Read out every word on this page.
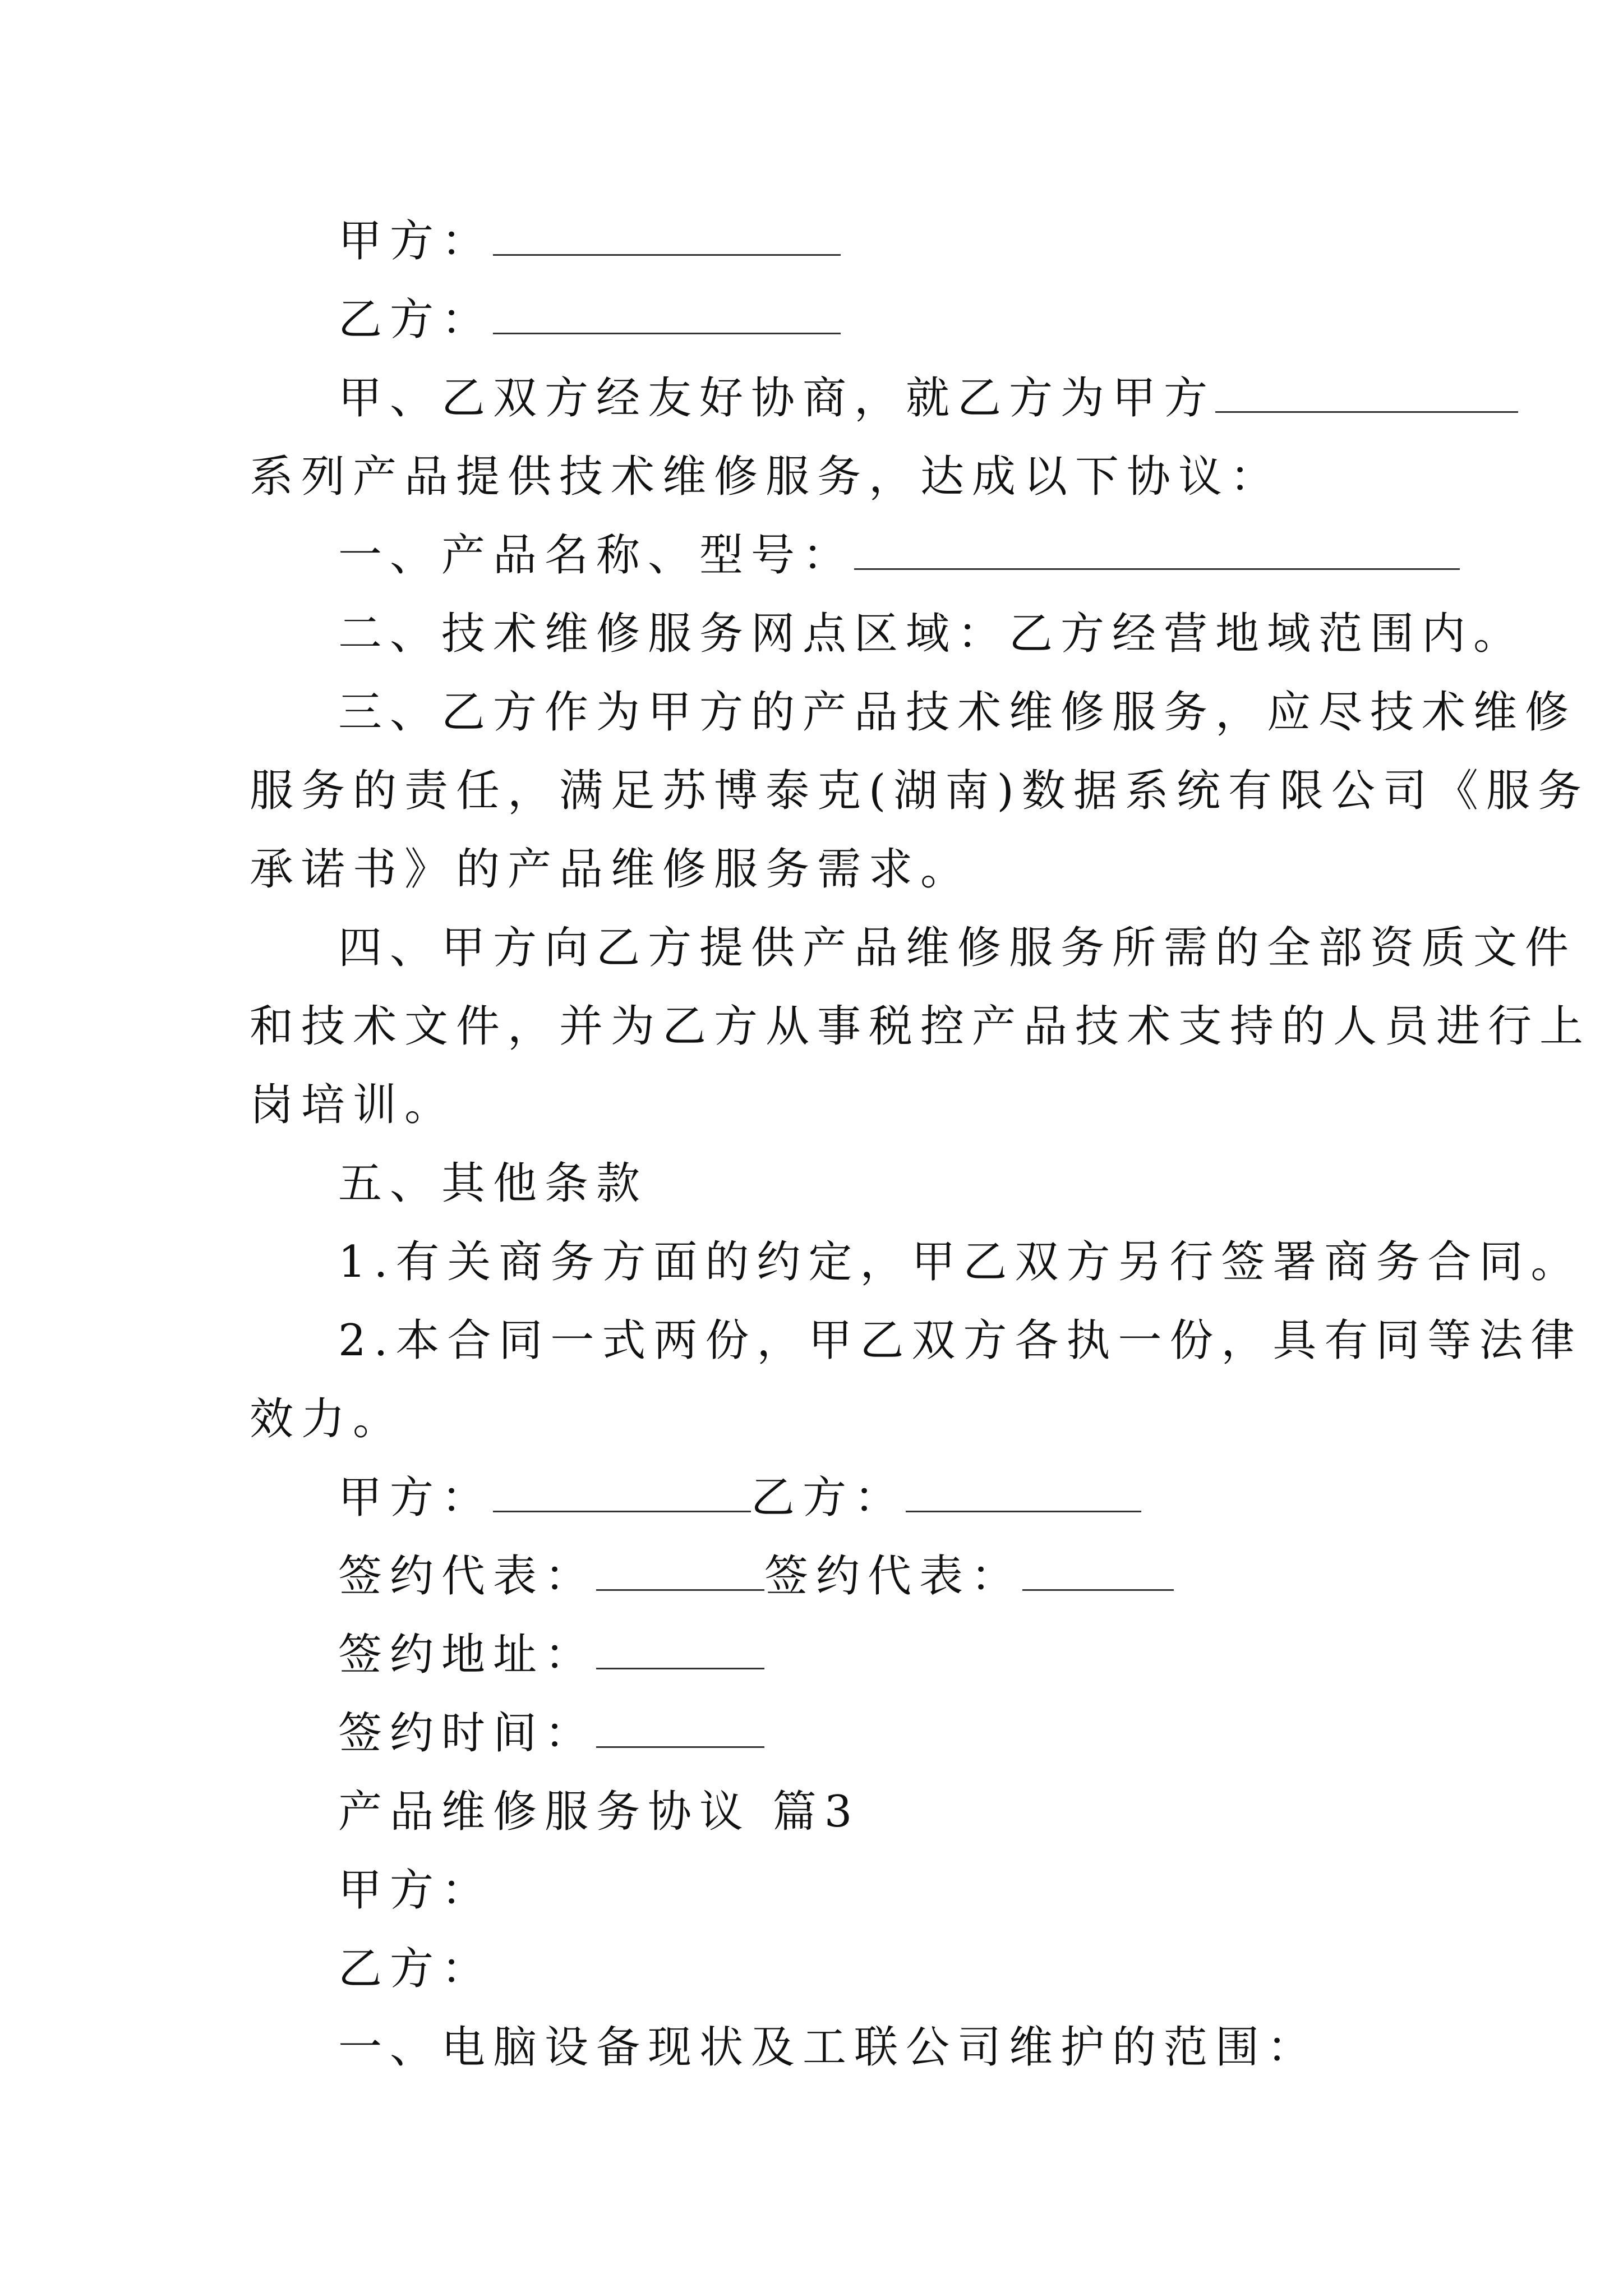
甲方：
乙方：
甲、乙双方经友好协商，就乙方为甲方
系列产品提供技术维修服务，达成以下协议：
一、产品名称、型号：
二、技术维修服务网点区域：乙方经营地域范围内。
三、乙方作为甲方的产品技术维修服务，应尽技术维修
服务的责任，满足苏博泰克(湖南)数据系统有限公司《服务
承诺书》的产品维修服务需求。
四、甲方向乙方提供产品维修服务所需的全部资质文件
和技术文件，并为乙方从事税控产品技术支持的人员进行上
岗培训。
五、其他条款
1.有关商务方面的约定，甲乙双方另行签署商务合同。
2.本合同一式两份，甲乙双方各执一份，具有同等法律
效力。
甲方：	乙方：
签约代表：	签约代表：
签约地址：
签约时间：
产品维修服务协议 篇3
甲方：
乙方：
一、电脑设备现状及工联公司维护的范围：
